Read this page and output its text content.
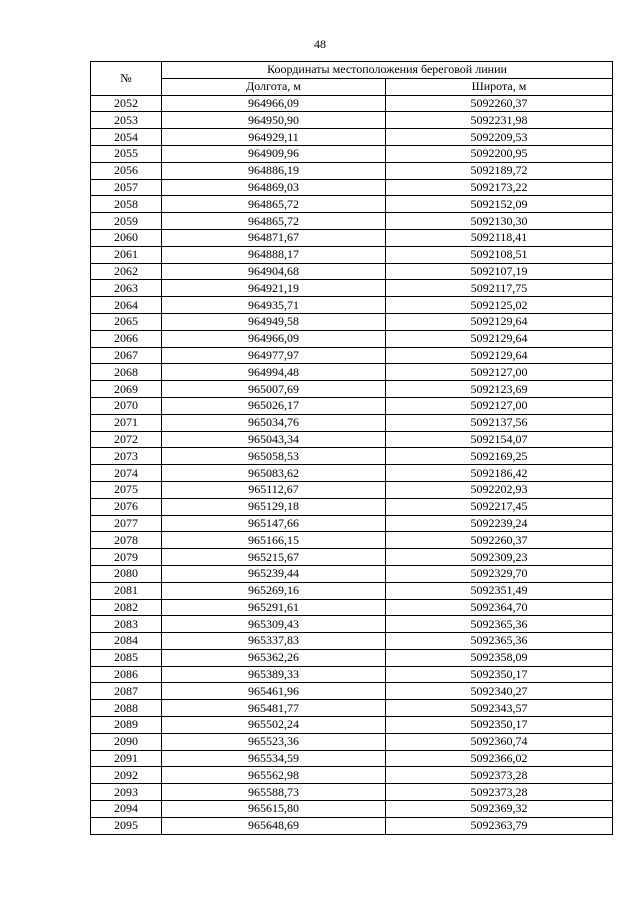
48
№	Координаты местоположения береговой линии	
	Долгота, м	Широта, м
2052	964966,09	5092260,37
2053	964950,90	5092231,98
2054	964929,11	5092209,53
2055	964909,96	5092200,95
2056	964886,19	5092189,72
2057	964869,03	5092173,22
2058	964865,72	5092152,09
2059	964865,72	5092130,30
2060	964871,67	5092118,41
2061	964888,17	5092108,51
2062	964904,68	5092107,19
2063	964921,19	5092117,75
2064	964935,71	5092125,02
2065	964949,58	5092129,64
2066	964966,09	5092129,64
2067	964977,97	5092129,64
2068	964994,48	5092127,00
2069	965007,69	5092123,69
2070	965026,17	5092127,00
2071	965034,76	5092137,56
2072	965043,34	5092154,07
2073	965058,53	5092169,25
2074	965083,62	5092186,42
2075	965112,67	5092202,93
2076	965129,18	5092217,45
2077	965147,66	5092239,24
2078	965166,15	5092260,37
2079	965215,67	5092309,23
2080	965239,44	5092329,70
2081	965269,16	5092351,49
2082	965291,61	5092364,70
2083	965309,43	5092365,36
2084	965337,83	5092365,36
2085	965362,26	5092358,09
2086	965389,33	5092350,17
2087	965461,96	5092340,27
2088	965481,77	5092343,57
2089	965502,24	5092350,17
2090	965523,36	5092360,74
2091	965534,59	5092366,02
2092	965562,98	5092373,28
2093	965588,73	5092373,28
2094	965615,80	5092369,32
2095	965648,69	5092363,79
